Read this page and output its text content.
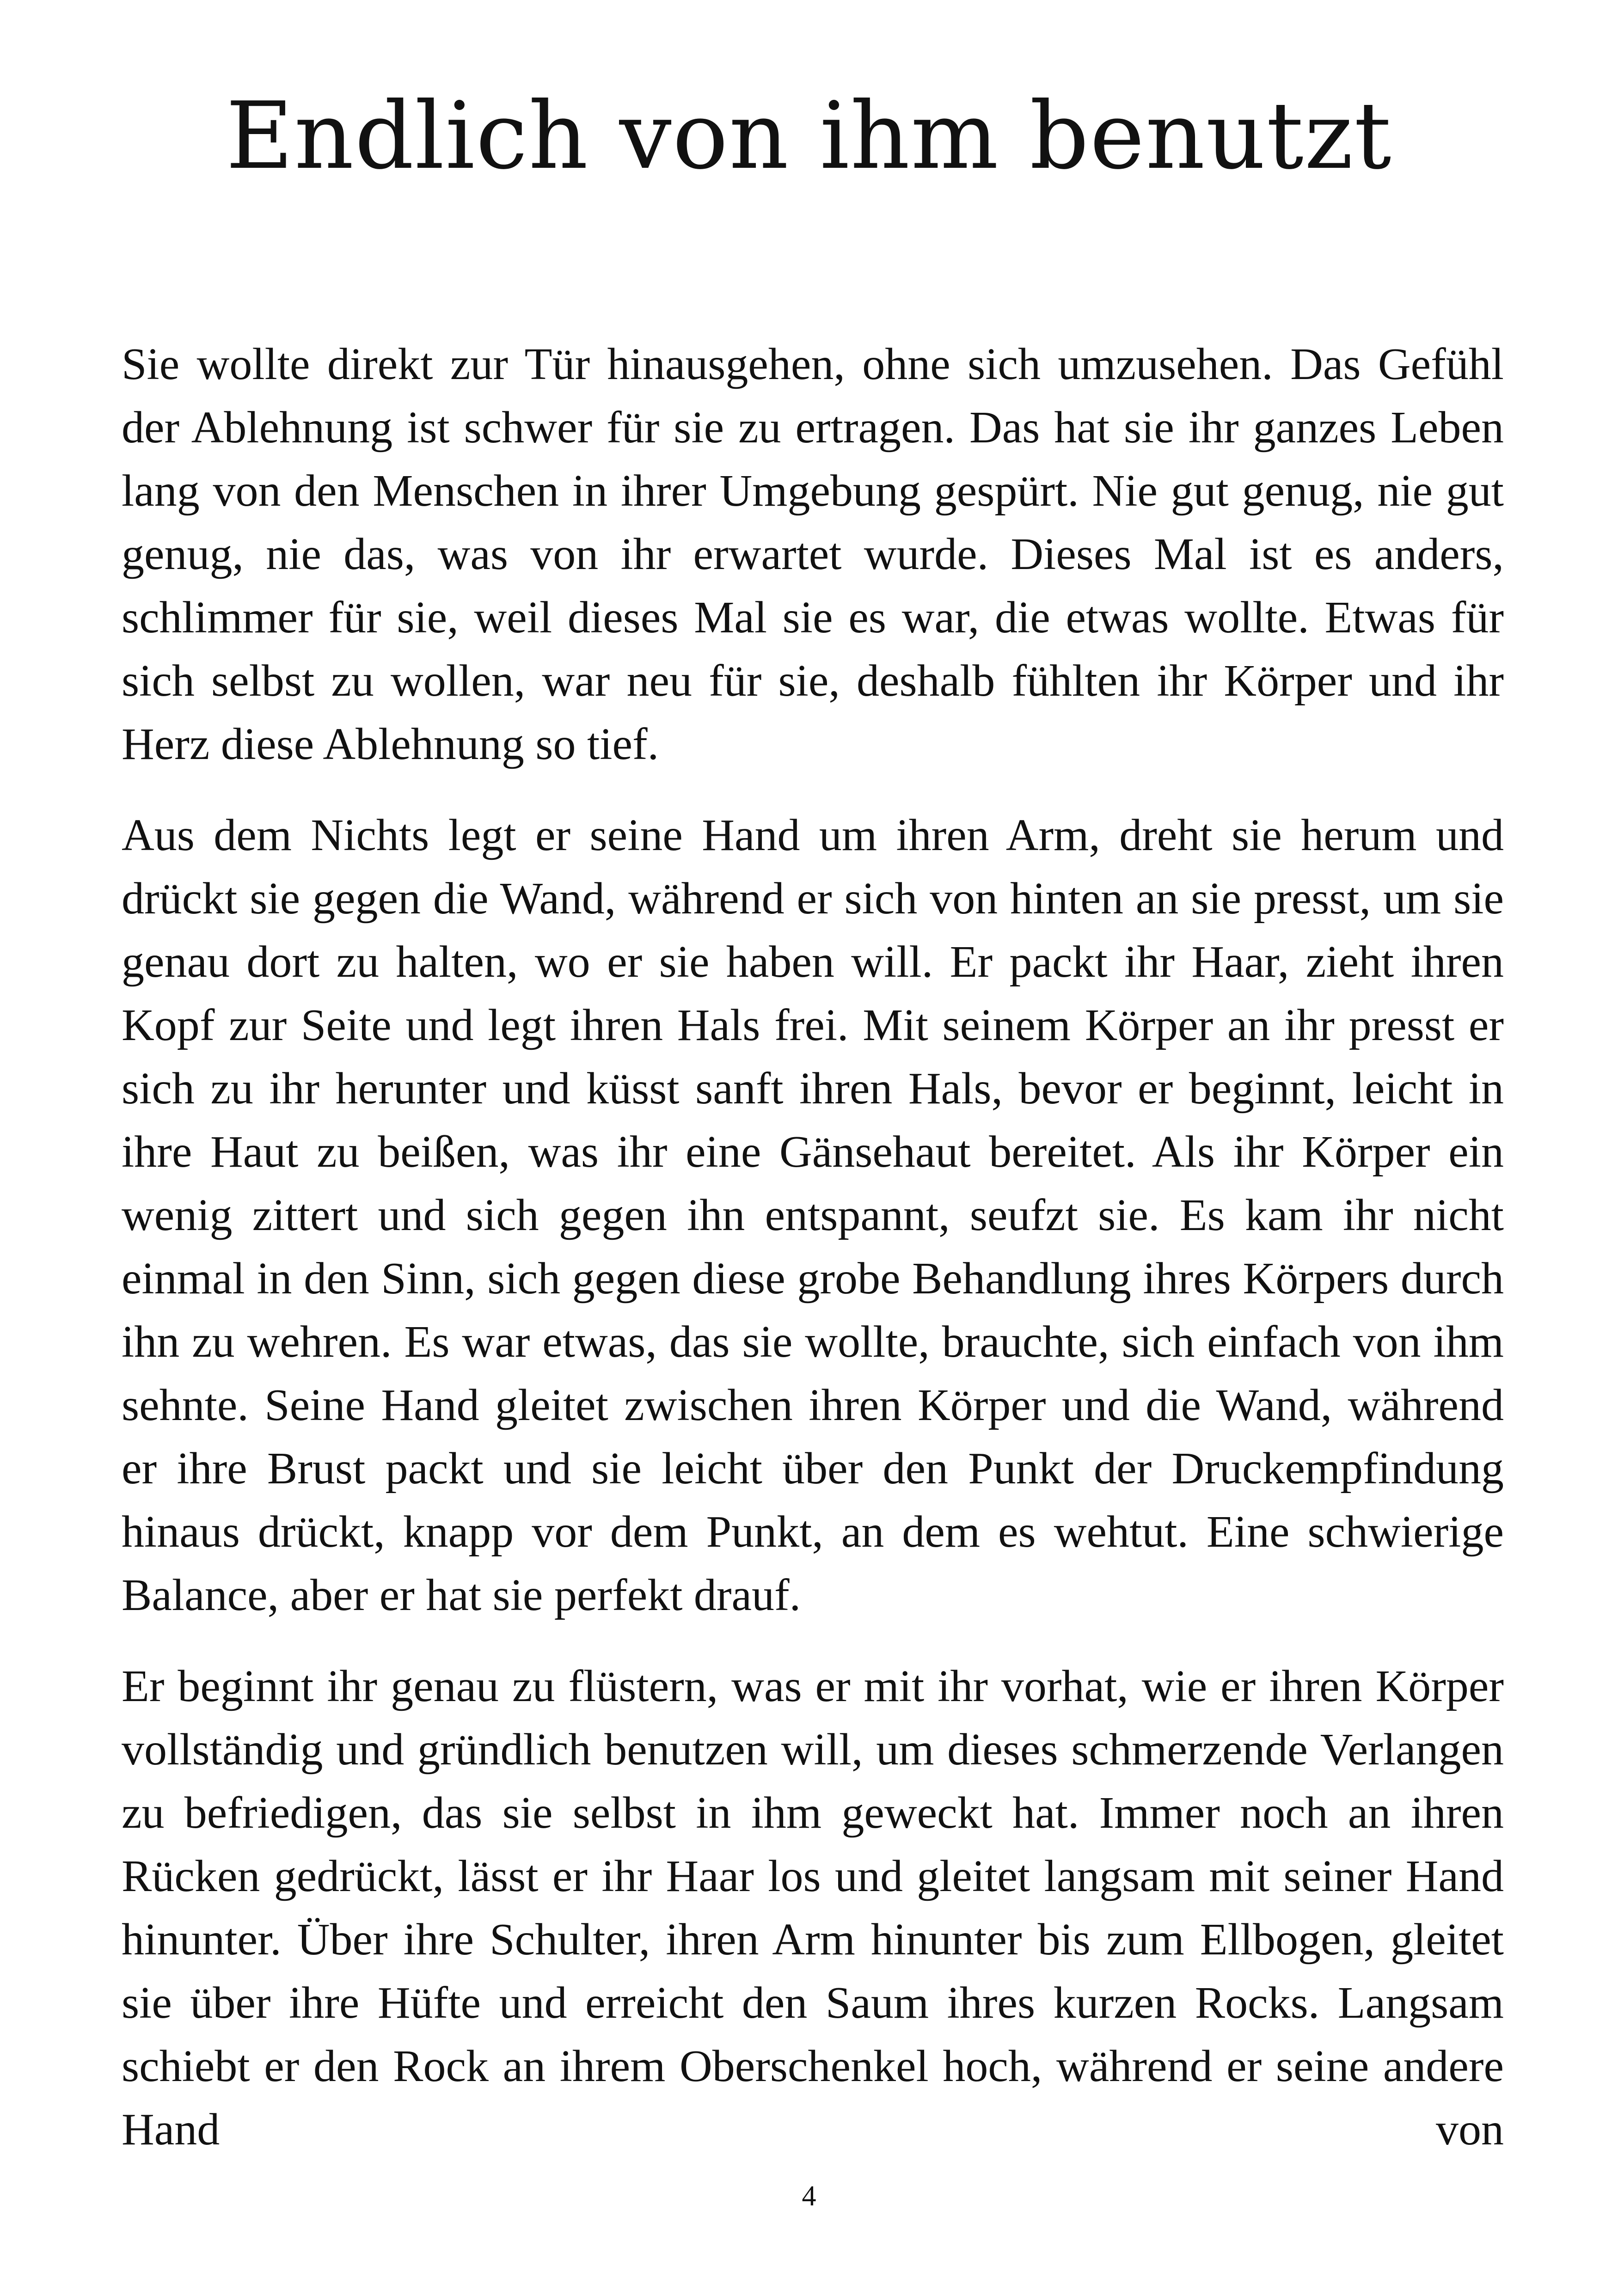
Endlich von ihm benutzt

Sie wollte direkt zur Tür hinausgehen, ohne sich umzusehen. Das Gefühl der Ablehnung ist schwer für sie zu ertragen. Das hat sie ihr ganzes Leben lang von den Menschen in ihrer Umgebung gespürt. Nie gut genug, nie gut genug, nie das, was von ihr erwartet wurde. Dieses Mal ist es anders, schlimmer für sie, weil dieses Mal sie es war, die etwas wollte. Etwas für sich selbst zu wollen, war neu für sie, deshalb fühlten ihr Körper und ihr Herz diese Ablehnung so tief.

Aus dem Nichts legt er seine Hand um ihren Arm, dreht sie herum und drückt sie gegen die Wand, während er sich von hinten an sie presst, um sie genau dort zu halten, wo er sie haben will. Er packt ihr Haar, zieht ihren Kopf zur Seite und legt ihren Hals frei. Mit seinem Körper an ihr presst er sich zu ihr herunter und küsst sanft ihren Hals, bevor er beginnt, leicht in ihre Haut zu beißen, was ihr eine Gänsehaut bereitet. Als ihr Körper ein wenig zittert und sich gegen ihn entspannt, seufzt sie. Es kam ihr nicht einmal in den Sinn, sich gegen diese grobe Behandlung ihres Körpers durch ihn zu wehren. Es war etwas, das sie wollte, brauchte, sich einfach von ihm sehnte. Seine Hand gleitet zwischen ihren Körper und die Wand, während er ihre Brust packt und sie leicht über den Punkt der Druckempfindung hinaus drückt, knapp vor dem Punkt, an dem es wehtut. Eine schwierige Balance, aber er hat sie perfekt drauf.

Er beginnt ihr genau zu flüstern, was er mit ihr vorhat, wie er ihren Körper vollständig und gründlich benutzen will, um dieses schmerzende Verlangen zu befriedigen, das sie selbst in ihm geweckt hat. Immer noch an ihren Rücken gedrückt, lässt er ihr Haar los und gleitet langsam mit seiner Hand hinunter. Über ihre Schulter, ihren Arm hinunter bis zum Ellbogen, gleitet sie über ihre Hüfte und erreicht den Saum ihres kurzen Rocks. Langsam schiebt er den Rock an ihrem Oberschenkel hoch, während er seine andere Hand von

4
